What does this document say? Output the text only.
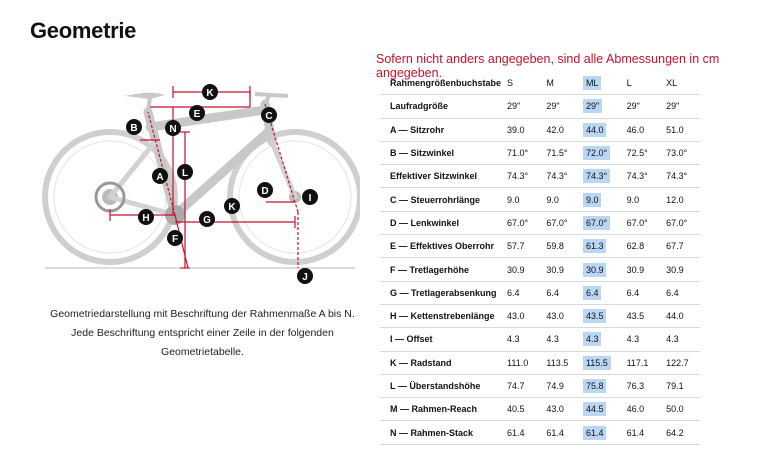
Geometrie
Sofern nicht anders angegeben, sind alle Abmessungen in cm angegeben.
K
E	C
B	N
L
A
D
I
K
H	G
F
J
Geometriedarstellung mit Beschriftung der Rahmenmaße A bis N. Jede Beschriftung entspricht einer Zeile in der folgenden Geometrietabelle.
Rahmengrößenbuchstabe	S	M	ML	L	XL
Laufradgröße	29"	29"	29"	29"	29"
A — Sitzrohr	39.0	42.0	44.0	46.0	51.0
B — Sitzwinkel	71.0°	71.5°	72.0°	72.5°	73.0°
Effektiver Sitzwinkel	74.3°	74.3°	74.3°	74.3°	74.3°
C — Steuerrohrlänge	9.0	9.0	9.0	9.0	12.0
D — Lenkwinkel	67.0°	67.0°	67.0°	67.0°	67.0°
E — Effektives Oberrohr	57.7	59.8	61.3	62.8	67.7
F — Tretlagerhöhe	30.9	30.9	30.9	30.9	30.9
G — Tretlagerabsenkung	6.4	6.4	6.4	6.4	6.4
H — Kettenstrebenlänge	43.0	43.0	43.5	43.5	44.0
I — Offset	4.3	4.3	4.3	4.3	4.3
K — Radstand	111.0	113.5	115.5	117.1	122.7
L — Überstandshöhe	74.7	74.9	75.8	76.3	79.1
M — Rahmen-Reach	40.5	43.0	44.5	46.0	50.0
N — Rahmen-Stack	61.4	61.4	61.4	61.4	64.2
